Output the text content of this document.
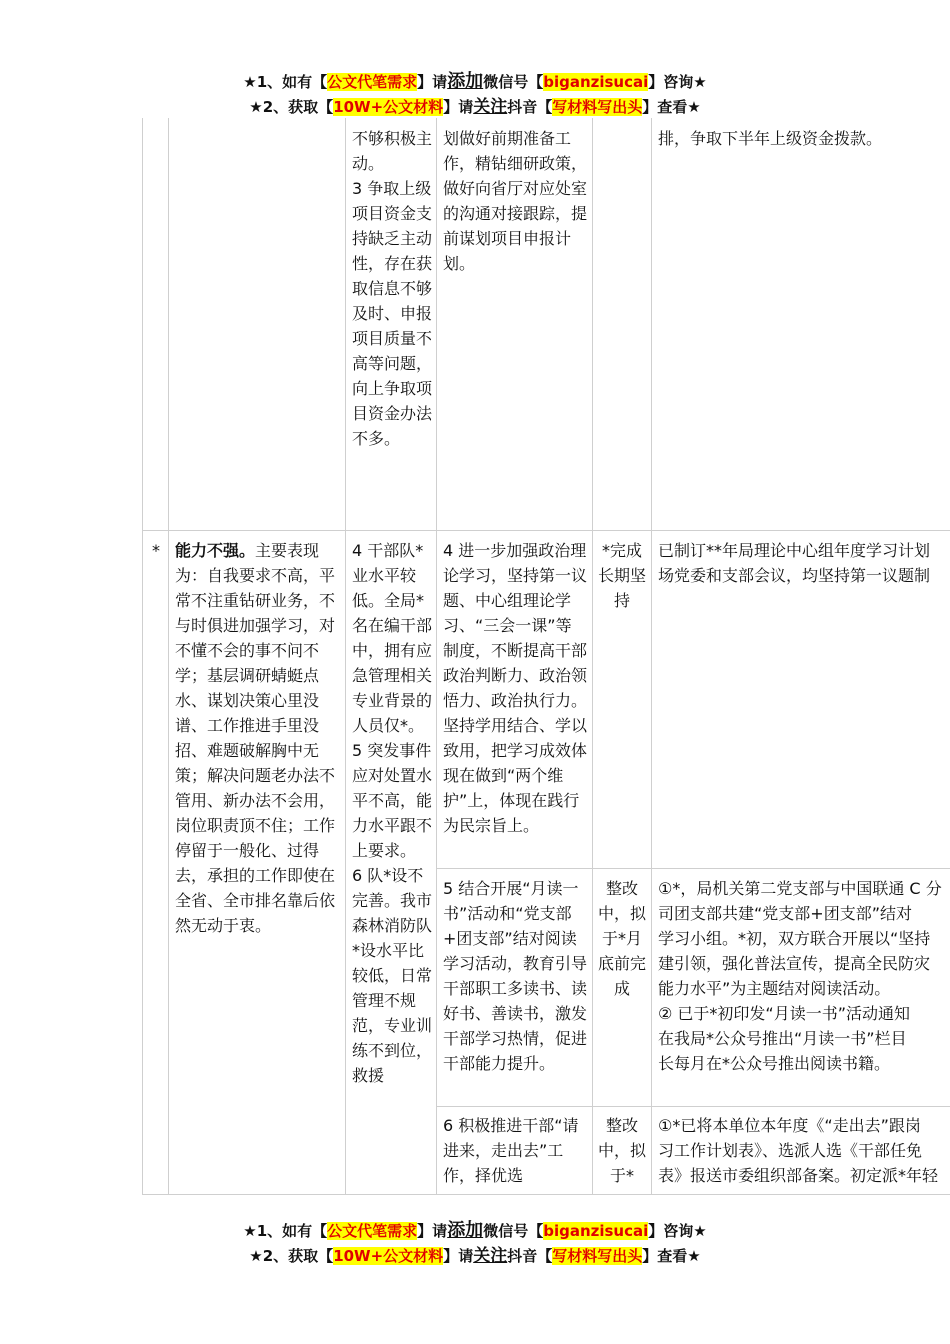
★1、如有【公文代笔需求】请添加微信号【biganzisucai】咨询★
★2、获取【10W+公文材料】请关注抖音【写材料写出头】查看★
不够积极主动。
3 争取上级项目资金支持缺乏主动性，存在获取信息不够及时、申报项目质量不高等问题，向上争取项目资金办法不多。
划做好前期准备工作，精钻细研政策，做好向省厅对应处室的沟通对接跟踪，提前谋划项目申报计划。
排，争取下半年上级资金拨款。
* 能力不强。主要表现为：自我要求不高，平常不注重钻研业务，不与时俱进加强学习，对不懂不会的事不问不学；基层调研蜻蜓点水、谋划决策心里没谱、工作推进手里没招、难题破解胸中无策；解决问题老办法不管用、新办法不会用，岗位职责顶不住；工作停留于一般化、过得去，承担的工作即使在全省、全市排名靠后依然无动于衷。
4 干部队*业水平较低。全局*名在编干部中，拥有应急管理相关专业背景的人员仅*。
5 突发事件应对处置水平不高，能力水平跟不上要求。
6 队*设不完善。我市森林消防队*设水平比较低，日常管理不规范，专业训练不到位，救援
4 进一步加强政治理论学习，坚持第一议题、中心组理论学习、“三会一课”等制度，不断提高干部政治判断力、政治领悟力、政治执行力。坚持学用结合、学以致用，把学习成效体现在做到“两个维护”上，体现在践行为民宗旨上。
*完成长期坚持
已制订**年局理论中心组年度学习计划
场党委和支部会议，均坚持第一议题制
5 结合开展“月读一书”活动和“党支部+团支部”结对阅读学习活动，教育引导干部职工多读书、读好书、善读书，激发干部学习热情，促进干部能力提升。
整改中，拟于*月底前完成
①*，局机关第二党支部与中国联通 C 分
司团支部共建“党支部+团支部”结对
学习小组。*初，双方联合开展以“坚持
建引领，强化普法宣传，提高全民防灾
能力水平”为主题结对阅读活动。
② 已于*初印发“月读一书”活动通知
在我局*公众号推出“月读一书”栏目
长每月在*公众号推出阅读书籍。
6 积极推进干部“请进来，走出去”工作，择优选
整改中，拟于*
①*已将本单位本年度《“走出去”跟岗
习工作计划表》、选派人选《干部任免
表》报送市委组织部备案。初定派*年轻
★1、如有【公文代笔需求】请添加微信号【biganzisucai】咨询★
★2、获取【10W+公文材料】请关注抖音【写材料写出头】查看★
